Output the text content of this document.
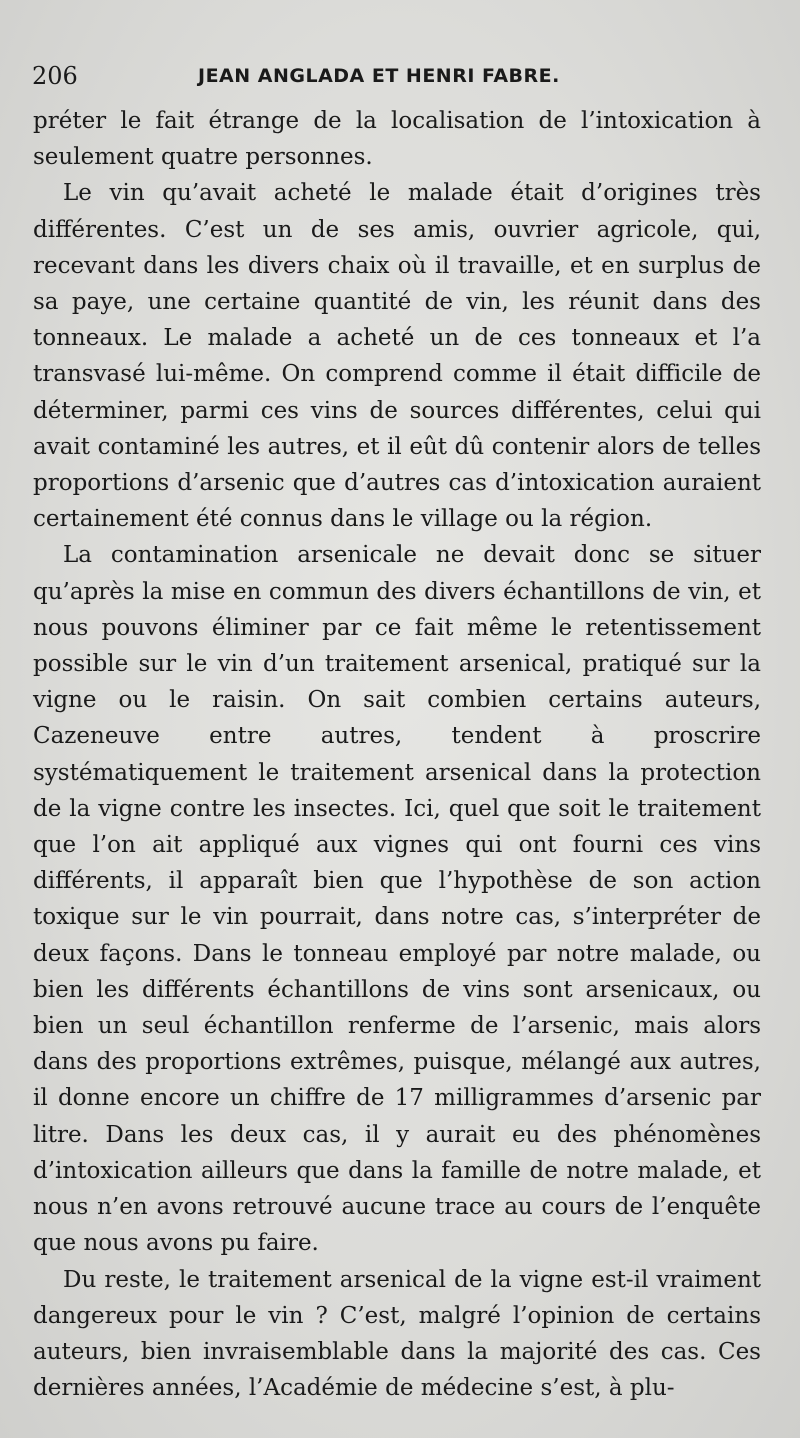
206	JEAN ANGLADA ET HENRI FABRE.

préter le fait étrange de la localisation de l’intoxication à seulement quatre personnes.

Le vin qu’avait acheté le malade était d’origines très différentes. C’est un de ses amis, ouvrier agricole, qui, recevant dans les divers chaix où il travaille, et en surplus de sa paye, une certaine quantité de vin, les réunit dans des tonneaux. Le malade a acheté un de ces tonneaux et l’a transvasé lui-même. On comprend comme il était difficile de déterminer, parmi ces vins de sources différentes, celui qui avait contaminé les autres, et il eût dû contenir alors de telles proportions d’arsenic que d’autres cas d’intoxication auraient certainement été connus dans le village ou la région.

La contamination arsenicale ne devait donc se situer qu’après la mise en commun des divers échantillons de vin, et nous pouvons éliminer par ce fait même le retentissement possible sur le vin d’un traitement arsenical, pratiqué sur la vigne ou le raisin. On sait combien certains auteurs, Cazeneuve entre autres, tendent à proscrire systématiquement le traitement arsenical dans la protection de la vigne contre les insectes. Ici, quel que soit le traitement que l’on ait appliqué aux vignes qui ont fourni ces vins différents, il apparaît bien que l’hypothèse de son action toxique sur le vin pourrait, dans notre cas, s’interpréter de deux façons. Dans le tonneau employé par notre malade, ou bien les différents échantillons de vins sont arsenicaux, ou bien un seul échantillon renferme de l’arsenic, mais alors dans des proportions extrêmes, puisque, mélangé aux autres, il donne encore un chiffre de 17 milligrammes d’arsenic par litre. Dans les deux cas, il y aurait eu des phénomènes d’intoxication ailleurs que dans la famille de notre malade, et nous n’en avons retrouvé aucune trace au cours de l’enquête que nous avons pu faire.

Du reste, le traitement arsenical de la vigne est-il vraiment dangereux pour le vin ? C’est, malgré l’opinion de certains auteurs, bien invraisemblable dans la majorité des cas. Ces dernières années, l’Académie de médecine s’est, à plu-
